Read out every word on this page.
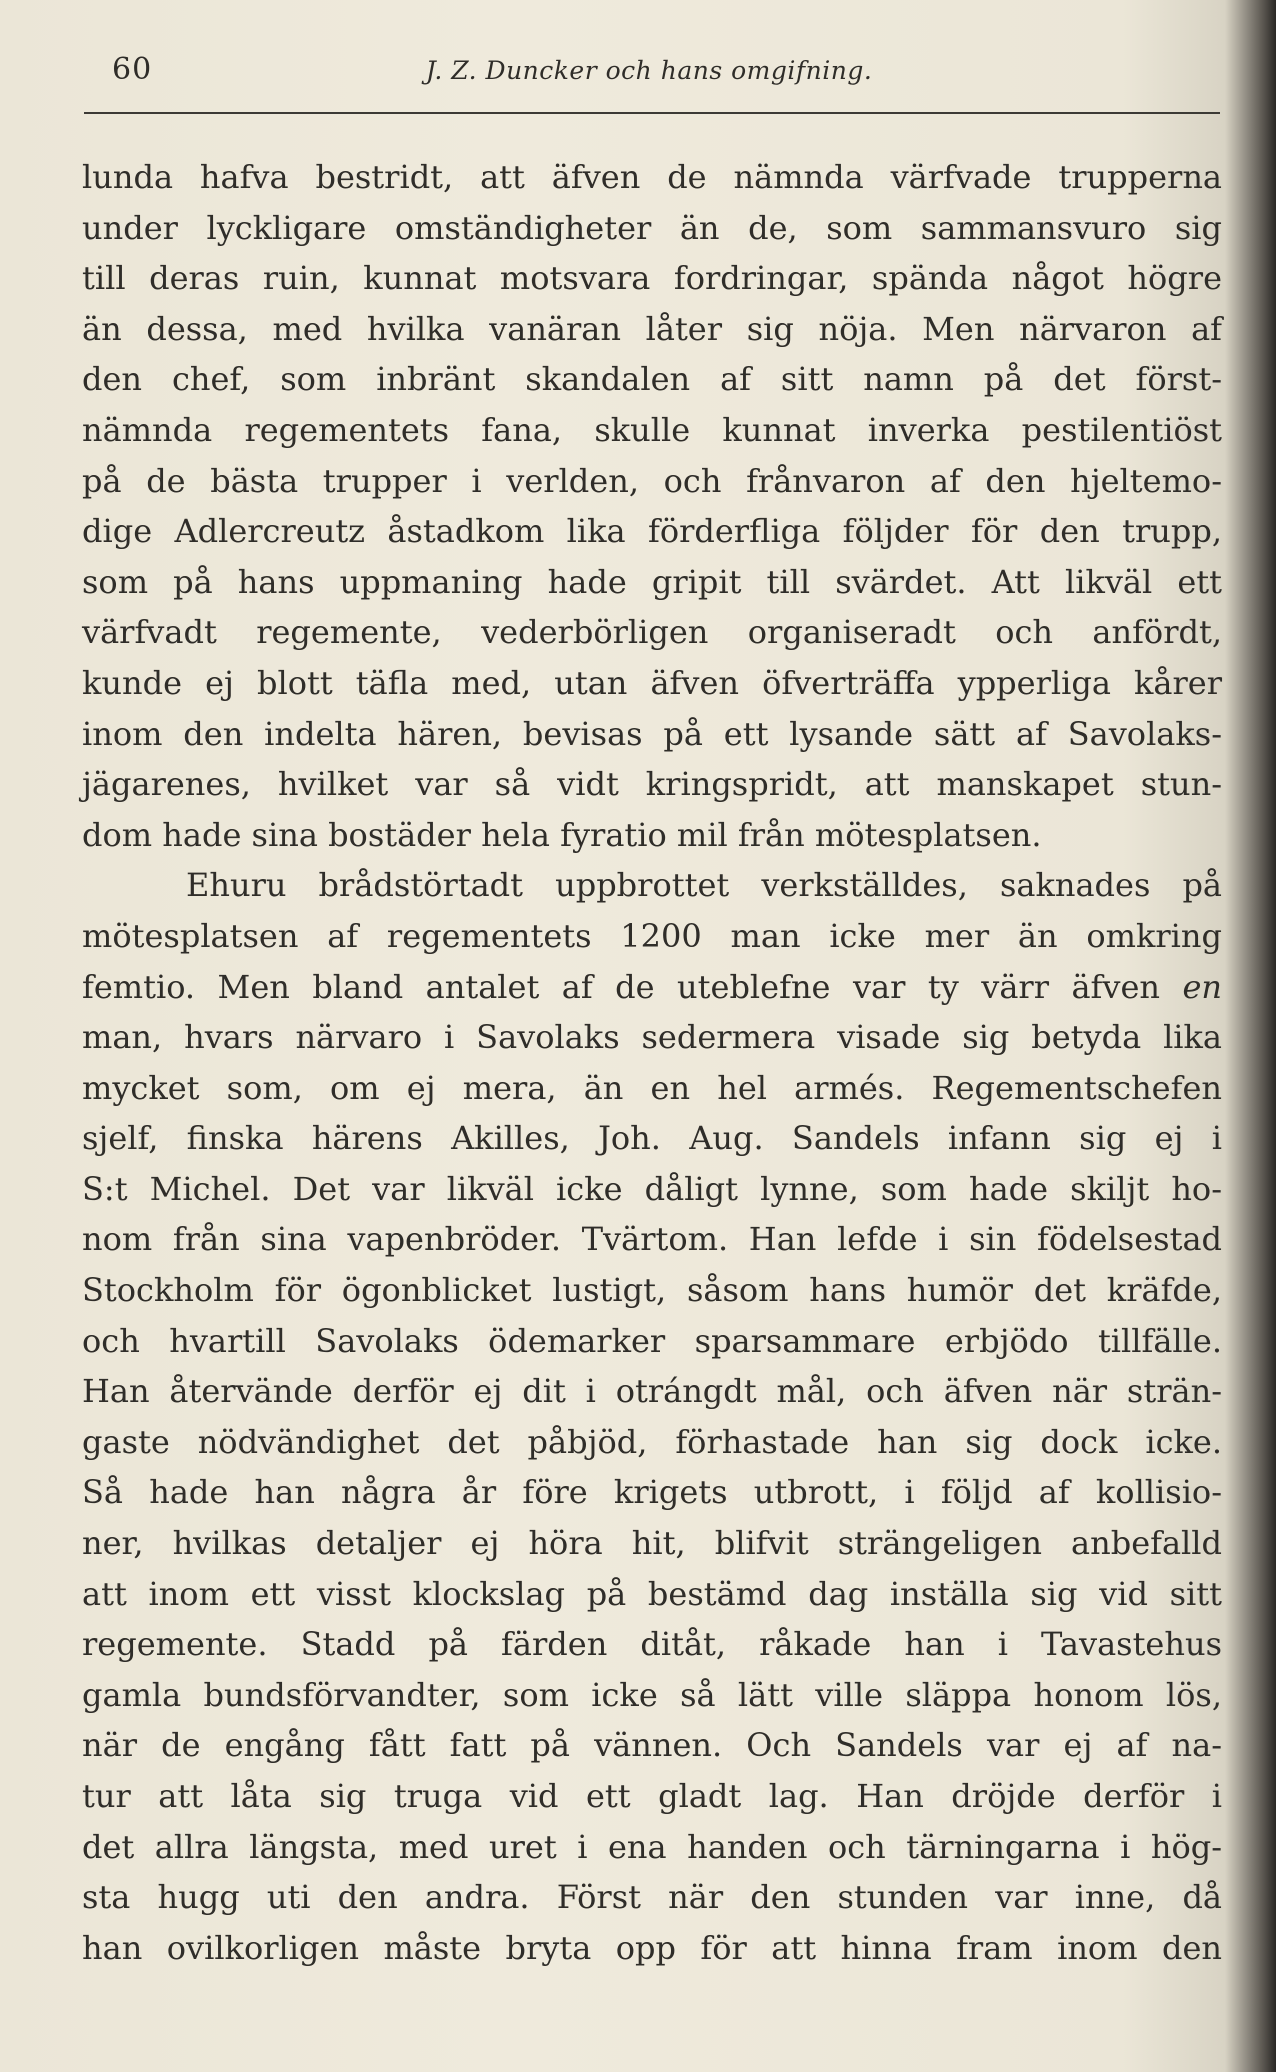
60	J. Z. Duncker och hans omgifning.
lunda hafva bestridt, att äfven de nämnda värfvade trupperna
under lyckligare omständigheter än de, som sammansvuro sig
till deras ruin, kunnat motsvara fordringar, spända något högre
än dessa, med hvilka vanäran låter sig nöja. Men närvaron af
den chef, som inbränt skandalen af sitt namn på det först-
nämnda regementets fana, skulle kunnat inverka pestilentiöst
på de bästa trupper i verlden, och frånvaron af den hjeltemo-
dige Adlercreutz åstadkom lika förderfliga följder för den trupp,
som på hans uppmaning hade gripit till svärdet. Att likväl ett
värfvadt regemente, vederbörligen organiseradt och anfördt,
kunde ej blott täfla med, utan äfven öfverträffa ypperliga kårer
inom den indelta hären, bevisas på ett lysande sätt af Savolaks-
jägarenes, hvilket var så vidt kringspridt, att manskapet stun-
dom hade sina bostäder hela fyratio mil från mötesplatsen.
Ehuru brådstörtadt uppbrottet verkställdes, saknades på
mötesplatsen af regementets 1200 man icke mer än omkring
femtio. Men bland antalet af de uteblefne var ty värr äfven en
man, hvars närvaro i Savolaks sedermera visade sig betyda lika
mycket som, om ej mera, än en hel armés. Regementschefen
sjelf, finska härens Akilles, Joh. Aug. Sandels infann sig ej i
S:t Michel. Det var likväl icke dåligt lynne, som hade skiljt ho-
nom från sina vapenbröder. Tvärtom. Han lefde i sin födelsestad
Stockholm för ögonblicket lustigt, såsom hans humör det kräfde,
och hvartill Savolaks ödemarker sparsammare erbjödo tillfälle.
Han återvände derför ej dit i otrángdt mål, och äfven när strän-
gaste nödvändighet det påbjöd, förhastade han sig dock icke.
Så hade han några år före krigets utbrott, i följd af kollisio-
ner, hvilkas detaljer ej höra hit, blifvit strängeligen anbefalld
att inom ett visst klockslag på bestämd dag inställa sig vid sitt
regemente. Stadd på färden ditåt, råkade han i Tavastehus
gamla bundsförvandter, som icke så lätt ville släppa honom lös,
när de engång fått fatt på vännen. Och Sandels var ej af na-
tur att låta sig truga vid ett gladt lag. Han dröjde derför i
det allra längsta, med uret i ena handen och tärningarna i hög-
sta hugg uti den andra. Först när den stunden var inne, då
han ovilkorligen måste bryta opp för att hinna fram inom den
